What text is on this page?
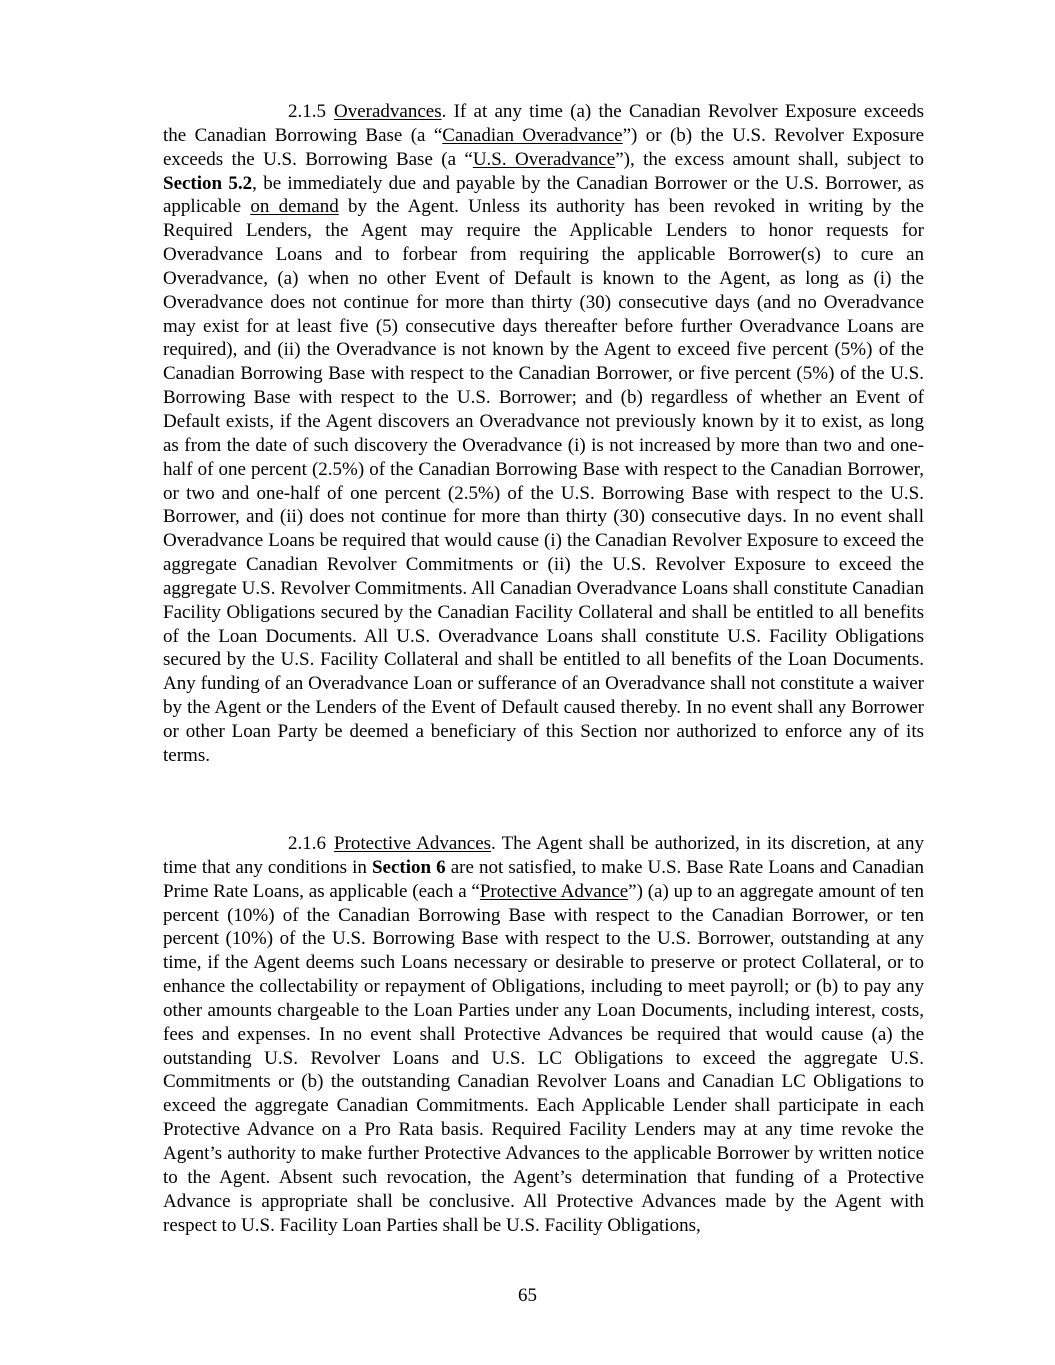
2.1.5 Overadvances. If at any time (a) the Canadian Revolver Exposure exceeds the Canadian Borrowing Base (a “Canadian Overadvance”) or (b) the U.S. Revolver Exposure exceeds the U.S. Borrowing Base (a “U.S. Overadvance”), the excess amount shall, subject to Section 5.2, be immediately due and payable by the Canadian Borrower or the U.S. Borrower, as applicable on demand by the Agent. Unless its authority has been revoked in writing by the Required Lenders, the Agent may require the Applicable Lenders to honor requests for Overadvance Loans and to forbear from requiring the applicable Borrower(s) to cure an Overadvance, (a) when no other Event of Default is known to the Agent, as long as (i) the Overadvance does not continue for more than thirty (30) consecutive days (and no Overadvance may exist for at least five (5) consecutive days thereafter before further Overadvance Loans are required), and (ii) the Overadvance is not known by the Agent to exceed five percent (5%) of the Canadian Borrowing Base with respect to the Canadian Borrower, or five percent (5%) of the U.S. Borrowing Base with respect to the U.S. Borrower; and (b) regardless of whether an Event of Default exists, if the Agent discovers an Overadvance not previously known by it to exist, as long as from the date of such discovery the Overadvance (i) is not increased by more than two and one-half of one percent (2.5%) of the Canadian Borrowing Base with respect to the Canadian Borrower, or two and one-half of one percent (2.5%) of the U.S. Borrowing Base with respect to the U.S. Borrower, and (ii) does not continue for more than thirty (30) consecutive days. In no event shall Overadvance Loans be required that would cause (i) the Canadian Revolver Exposure to exceed the aggregate Canadian Revolver Commitments or (ii) the U.S. Revolver Exposure to exceed the aggregate U.S. Revolver Commitments. All Canadian Overadvance Loans shall constitute Canadian Facility Obligations secured by the Canadian Facility Collateral and shall be entitled to all benefits of the Loan Documents. All U.S. Overadvance Loans shall constitute U.S. Facility Obligations secured by the U.S. Facility Collateral and shall be entitled to all benefits of the Loan Documents. Any funding of an Overadvance Loan or sufferance of an Overadvance shall not constitute a waiver by the Agent or the Lenders of the Event of Default caused thereby. In no event shall any Borrower or other Loan Party be deemed a beneficiary of this Section nor authorized to enforce any of its terms.

2.1.6 Protective Advances. The Agent shall be authorized, in its discretion, at any time that any conditions in Section 6 are not satisfied, to make U.S. Base Rate Loans and Canadian Prime Rate Loans, as applicable (each a “Protective Advance”) (a) up to an aggregate amount of ten percent (10%) of the Canadian Borrowing Base with respect to the Canadian Borrower, or ten percent (10%) of the U.S. Borrowing Base with respect to the U.S. Borrower, outstanding at any time, if the Agent deems such Loans necessary or desirable to preserve or protect Collateral, or to enhance the collectability or repayment of Obligations, including to meet payroll; or (b) to pay any other amounts chargeable to the Loan Parties under any Loan Documents, including interest, costs, fees and expenses. In no event shall Protective Advances be required that would cause (a) the outstanding U.S. Revolver Loans and U.S. LC Obligations to exceed the aggregate U.S. Commitments or (b) the outstanding Canadian Revolver Loans and Canadian LC Obligations to exceed the aggregate Canadian Commitments. Each Applicable Lender shall participate in each Protective Advance on a Pro Rata basis. Required Facility Lenders may at any time revoke the Agent’s authority to make further Protective Advances to the applicable Borrower by written notice to the Agent. Absent such revocation, the Agent’s determination that funding of a Protective Advance is appropriate shall be conclusive. All Protective Advances made by the Agent with respect to U.S. Facility Loan Parties shall be U.S. Facility Obligations,

65
